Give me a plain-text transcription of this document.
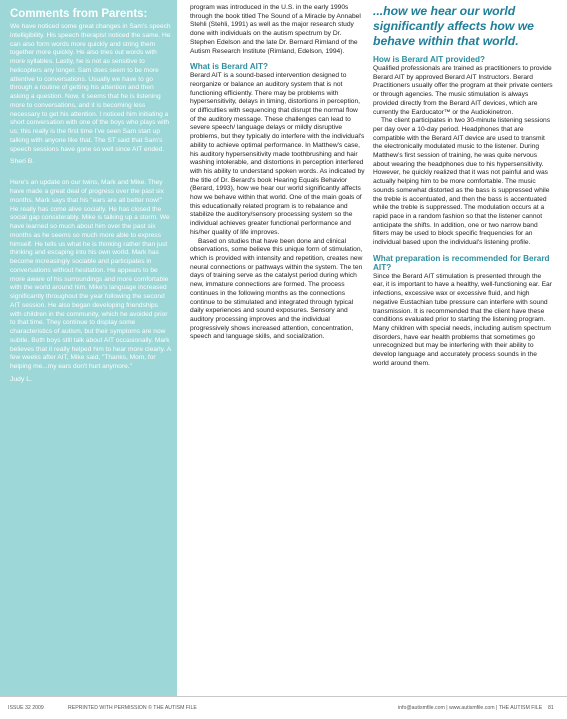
Comments from Parents:

We have noticed some great changes in Sam's speech intelligibility. His speech therapist noticed the same. He can also form words more quickly and string them together more quickly. He also tries out words with more syllables. Lastly, he is not as sensitive to helicopters any longer. Sam does seem to be more attentive to conversations. Usually we have to go through a routine of getting his attention and then asking a question. Now, it seems that he is listening more to conversations, and it is becoming less necessary to get his attention. I noticed him initiating a short conversation with one of the boys who plays with us; this really is the first time I've seen Sam start up talking with anyone like that. The ST said that Sam's speech sessions have gone so well since AIT ended.

Sheri B.

Here's an update on our twins, Mark and Mike. They have made a great deal of progress over the past six months. Mark says that his "ears are all better now!" He really has come alive socially. He has closed the social gap considerably. Mike is talking up a storm. We have learned so much about him over the past six months as he seems so much more able to express himself. He tells us what he is thinking rather than just thinking and escaping into his own world. Mark has become increasingly sociable and participates in conversations without hesitation. He appears to be more aware of his surroundings and more comfortable with the world around him. Mike's language increased significantly throughout the year following the second AIT session. He also began developing friendships with children in the community, which he avoided prior to that time. They continue to display some characteristics of autism, but their symptoms are now subtle. Both boys still talk about AIT occasionally. Mark believes that it really helped him to hear more clearly. A few weeks after AIT, Mike said, "Thanks, Mom, for helping me...my ears don't hurt anymore."

Judy L.

program was introduced in the U.S. in the early 1990s through the book titled The Sound of a Miracle by Annabel Stehli (Stehli, 1991) as well as the major research study done with individuals on the autism spectrum by Dr. Stephen Edelson and the late Dr. Bernard Rimland of the Autism Research Institute (Rimland, Edelson, 1994).

What is Berard AIT?

Berard AIT is a sound-based intervention designed to reorganize or balance an auditory system that is not functioning efficiently. There may be problems with hypersensitivity, delays in timing, distortions in perception, or difficulties with sequencing that disrupt the normal flow of the auditory message. These challenges can lead to severe speech/ language delays or mildly disruptive problems, but they typically do interfere with the individual's ability to achieve optimal performance. In Matthew's case, his auditory hypersensitivity made toothbrushing and hair washing intolerable, and distortions in perception interfered with his ability to understand spoken words. As indicated by the title of Dr. Berard's book Hearing Equals Behavior (Berard, 1993), how we hear our world significantly affects how we behave within that world. One of the main goals of this educationally related program is to rebalance and stabilize the auditory/sensory processing system so the individual achieves greater functional performance and his/her quality of life improves.

Based on studies that have been done and clinical observations, some believe this unique form of stimulation, which is provided with intensity and repetition, creates new neural connections or pathways within the system. The ten days of training serve as the catalyst period during which new, immature connections are formed. The process continues in the following months as the connections continue to be stimulated and integrated through typical daily experiences and sound exposures. Sensory and auditory processing improves and the individual progressively shows increased attention, concentration, speech and language skills, and socialization.

...how we hear our world significantly affects how we behave within that world.
How is Berard AIT provided?

Qualified professionals are trained as practitioners to provide Berard AIT by approved Berard AIT Instructors. Berard Practitioners usually offer the program at their private centers or through agencies. The music stimulation is always provided directly from the Berard AIT devices, which are currently the Earducator™ or the Audiokinetron.

The client participates in two 30-minute listening sessions per day over a 10-day period. Headphones that are compatible with the Berard AIT device are used to transmit the electronically modulated music to the listener. During Matthew's first session of training, he was quite nervous about wearing the headphones due to his hypersensitivity. However, he quickly realized that it was not painful and was actually helping him to be more comfortable. The music sounds somewhat distorted as the bass is suppressed while the treble is accentuated, and then the bass is accentuated while the treble is suppressed. The modulation occurs at a rapid pace in a random fashion so that the listener cannot anticipate the shifts. In addition, one or two narrow band filters may be used to block specific frequencies for an individual based upon the individual's listening profile.

What preparation is recommended for Berard AIT?

Since the Berard AIT stimulation is presented through the ear, it is important to have a healthy, well-functioning ear. Ear infections, excessive wax or excessive fluid, and high negative Eustachian tube pressure can interfere with sound transmission. It is recommended that the client have these conditions evaluated prior to starting the listening program. Many children with special needs, including autism spectrum disorders, have ear health problems that sometimes go unrecognized but may be interfering with their ability to develop language and accurately process sounds in the world around them.

ISSUE 32 2009	REPRINTED WITH PERMISSION © THE AUTISM FILE	info@autismfile.com | www.autismfile.com | THE AUTISM FILE 81
